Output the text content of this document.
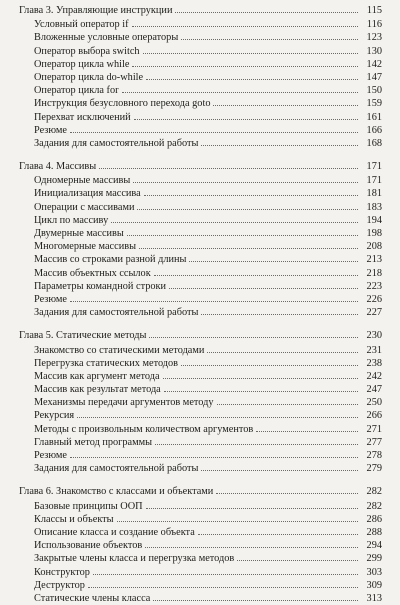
Глава 3. Управляющие инструкции	115
Условный оператор if	116
Вложенные условные операторы	123
Оператор выбора switch	130
Оператор цикла while	142
Оператор цикла do-while	147
Оператор цикла for	150
Инструкция безусловного перехода goto	159
Перехват исключений	161
Резюме	166
Задания для самостоятельной работы	168
Глава 4. Массивы	171
Одномерные массивы	171
Инициализация массива	181
Операции с массивами	183
Цикл по массиву	194
Двумерные массивы	198
Многомерные массивы	208
Массив со строками разной длины	213
Массив объектных ссылок	218
Параметры командной строки	223
Резюме	226
Задания для самостоятельной работы	227
Глава 5. Статические методы	230
Знакомство со статическими методами	231
Перегрузка статических методов	238
Массив как аргумент метода	242
Массив как результат метода	247
Механизмы передачи аргументов методу	250
Рекурсия	266
Методы с произвольным количеством аргументов	271
Главный метод программы	277
Резюме	278
Задания для самостоятельной работы	279
Глава 6. Знакомство с классами и объектами	282
Базовые принципы ООП	282
Классы и объекты	286
Описание класса и создание объекта	288
Использование объектов	294
Закрытые члены класса и перегрузка методов	299
Конструктор	303
Деструктор	309
Статические члены класса	313
